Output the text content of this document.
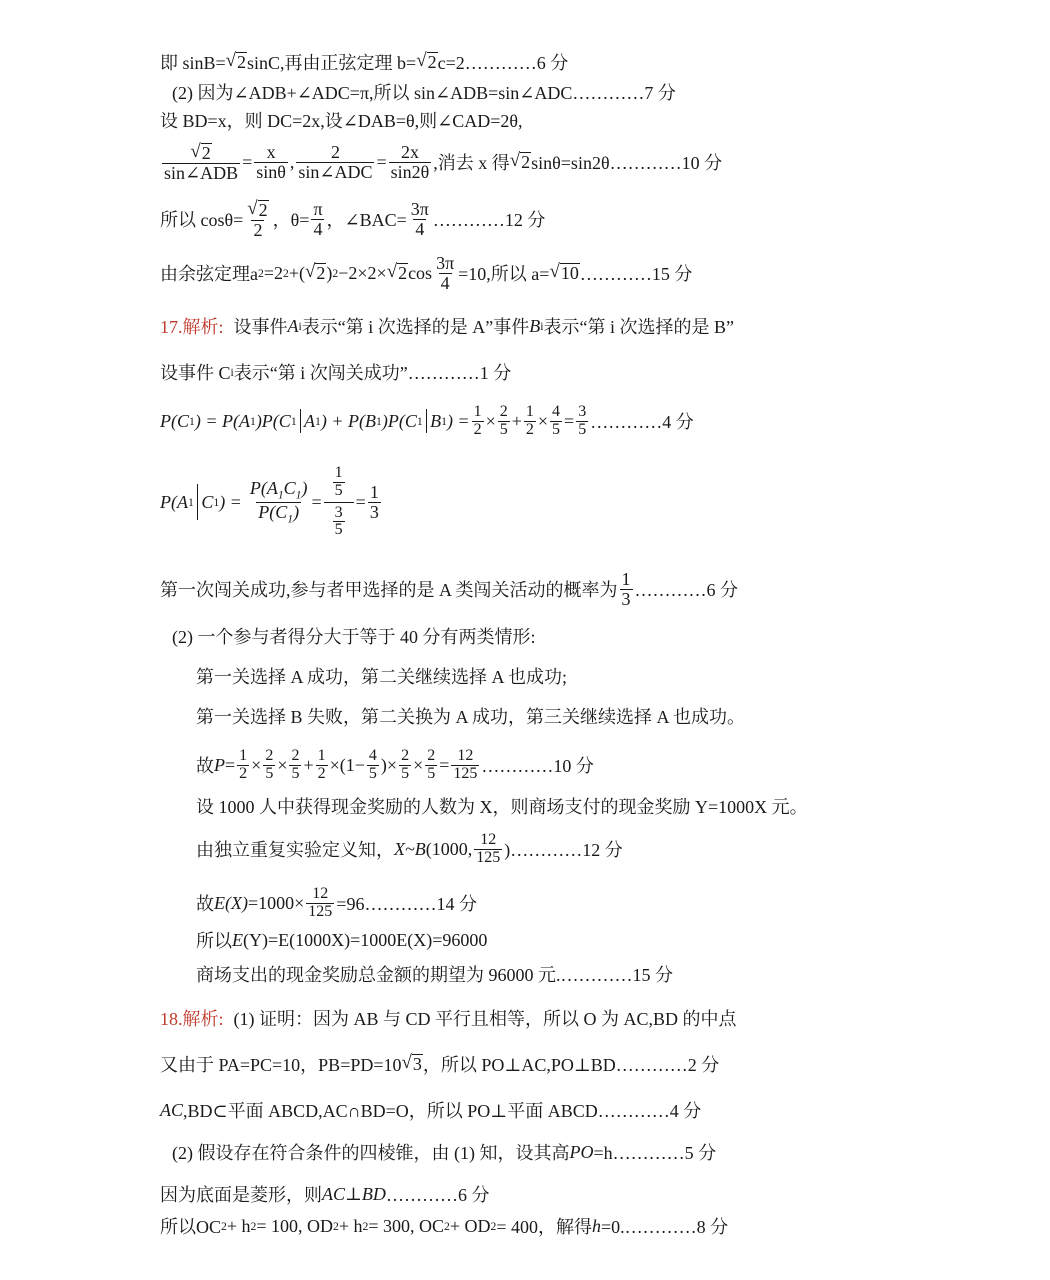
即 sinB= √ 2 sinC,再由正弦定理 b= √ 2 c=2…………6 分
(2) 因为∠ADB+∠ADC=π,所以 sin∠ADB=sin∠ADC…………7 分
设 BD=x，则 DC=2x,设∠DAB=θ,则∠CAD=2θ,
$\frac{√ 2}{\text{sin∠ADB}} = \frac{x}{\sin\theta}$ , $\frac{2}{\text{sin∠ADC}} = \frac{2x}{\sin 2\theta}$ ,消去 x 得 √ 2 sinθ=sin2θ…………10 分
所以 $\cos\theta= \frac{√ 2}{2}$ ，$\theta= \frac{\pi}{4}$ ，∠BAC= $\frac{3\pi}{4}$ …………12 分
由余弦定理a 2 =2 2 +( √ 2 ) 2 −2×2× √ 2 $\cos \frac{3\pi}{4} =10$,所以 a= √ 10 …………15 分
17.解析: 设事件 A i 表示“第 i 次选择的是 A”事件 B i 表示“第 i 次选择的是 B”
设事件 C i 表示“第 i 次闯关成功”…………1 分
P(C 1 ) = P(A 1 )P(C 1 A 1 ) + P(B 1 )P(C 1 B 1 ) = $\frac{1}{2} \times \frac{2}{5} + \frac{1}{2} \times \frac{4}{5} = \frac{3}{5}$ …………4 分
P(A 1 C 1 ) = $\frac{P(A_1C_1)}{P(C_1)}$ =
$\frac{1}{5}$
$\frac{3}{5}$
= $\frac{1}{3}$
第一次闯关成功,参与者甲选择的是 A 类闯关活动的概率为 $\frac{1}{3}$ …………6 分
(2) 一个参与者得分大于等于 40 分有两类情形:
第一关选择 A 成功，第二关继续选择 A 也成功;
第一关选择 B 失败，第二关换为 A 成功，第三关继续选择 A 也成功。
故 $P = \frac{1}{2} \times \frac{2}{5} \times \frac{2}{5} + \frac{1}{2} \times(1- \frac{4}{5}$ )× $\frac{2}{5} \times \frac{2}{5} = \frac{12}{125}$ …………10 分
设 1000 人中获得现金奖励的人数为 X，则商场支付的现金奖励 Y=1000X 元。
由独立重复实验定义知， X~B (1000, $\frac{12}{125}$ )…………12 分
故 $E(X) =1000\times \frac{12}{125}$ =96…………14 分
所以 E (Y)=E(1000X)=1000E(X)=96000
商场支出的现金奖励总金额的期望为 96000 元.…………15 分
18.解析: (1) 证明：因为 AB 与 CD 平行且相等，所以 O 为 AC,BD 的中点
又由于 PA=PC=10，PB=PD=10 √ 3 ，所以 PO⊥AC,PO⊥BD…………2 分
AC ,BD⊂平面 ABCD,AC∩BD=O，所以 PO⊥平面 ABCD…………4 分
(2) 假设存在符合条件的四棱锥，由 (1) 知，设其高 PO =h…………5 分
因为底面是菱形，则 AC⊥BD …………6 分
所以OC 2 + h 2 = 100, OD 2 + h 2 = 300, OC 2 + OD 2 = 400，解得 h =0.…………8 分
